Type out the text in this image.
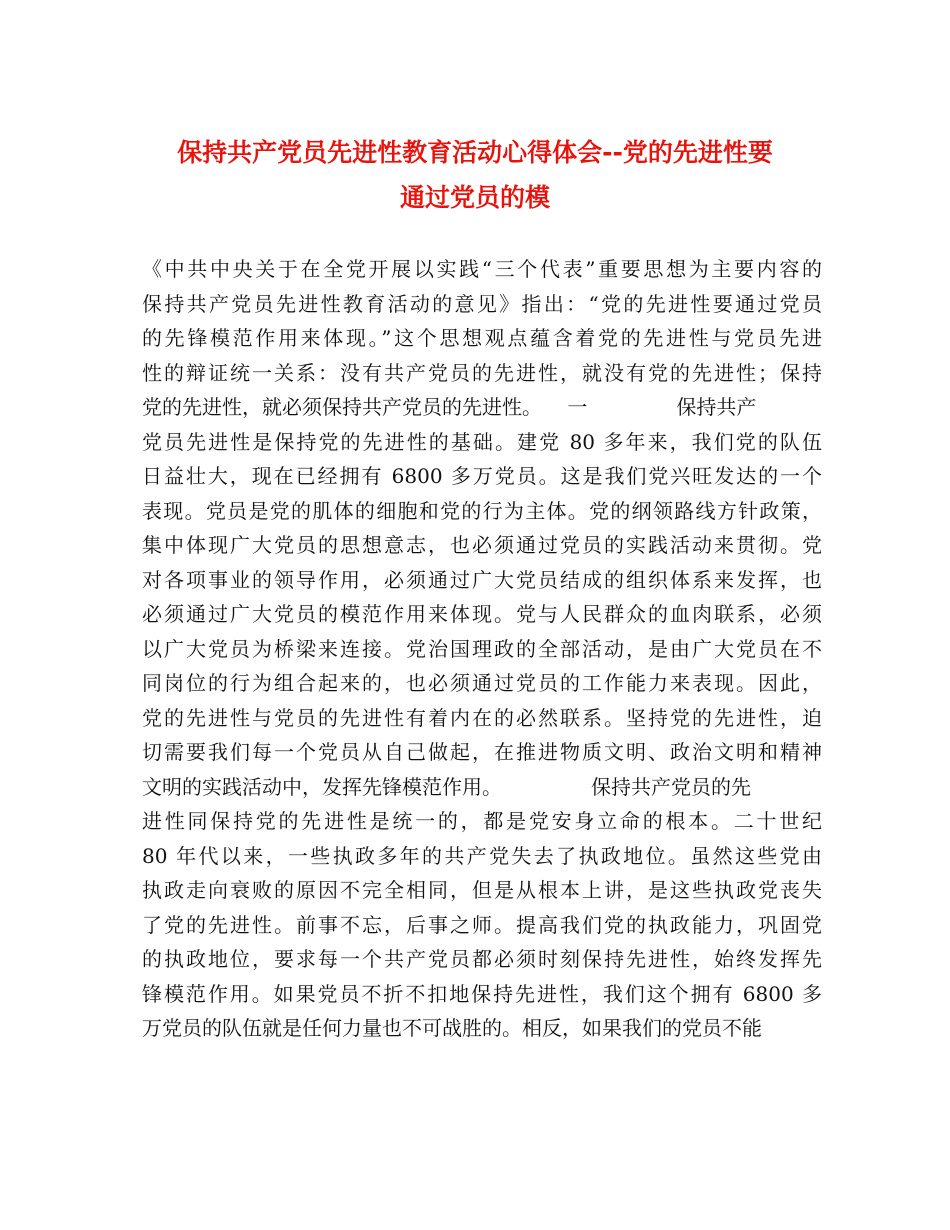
保持共产党员先进性教育活动心得体会--党的先进性要
通过党员的模
《中共中央关于在全党开展以实践“三个代表”重要思想为主要内容的
保持共产党员先进性教育活动的意见》指出：“党的先进性要通过党员
的先锋模范作用来体现。”这个思想观点蕴含着党的先进性与党员先进
性的辩证统一关系：没有共产党员的先进性，就没有党的先进性；保持
党的先进性，就必须保持共产党员的先进性。    一              保持共产
党员先进性是保持党的先进性的基础。建党 80 多年来，我们党的队伍
日益壮大，现在已经拥有 6800 多万党员。这是我们党兴旺发达的一个
表现。党员是党的肌体的细胞和党的行为主体。党的纲领路线方针政策，
集中体现广大党员的思想意志，也必须通过党员的实践活动来贯彻。党
对各项事业的领导作用，必须通过广大党员结成的组织体系来发挥，也
必须通过广大党员的模范作用来体现。党与人民群众的血肉联系，必须
以广大党员为桥梁来连接。党治国理政的全部活动，是由广大党员在不
同岗位的行为组合起来的，也必须通过党员的工作能力来表现。因此，
党的先进性与党员的先进性有着内在的必然联系。坚持党的先进性，迫
切需要我们每一个党员从自己做起，在推进物质文明、政治文明和精神
文明的实践活动中，发挥先锋模范作用。              保持共产党员的先
进性同保持党的先进性是统一的，都是党安身立命的根本。二十世纪
80 年代以来，一些执政多年的共产党失去了执政地位。虽然这些党由
执政走向衰败的原因不完全相同，但是从根本上讲，是这些执政党丧失
了党的先进性。前事不忘，后事之师。提高我们党的执政能力，巩固党
的执政地位，要求每一个共产党员都必须时刻保持先进性，始终发挥先
锋模范作用。如果党员不折不扣地保持先进性，我们这个拥有 6800 多
万党员的队伍就是任何力量也不可战胜的。相反，如果我们的党员不能
